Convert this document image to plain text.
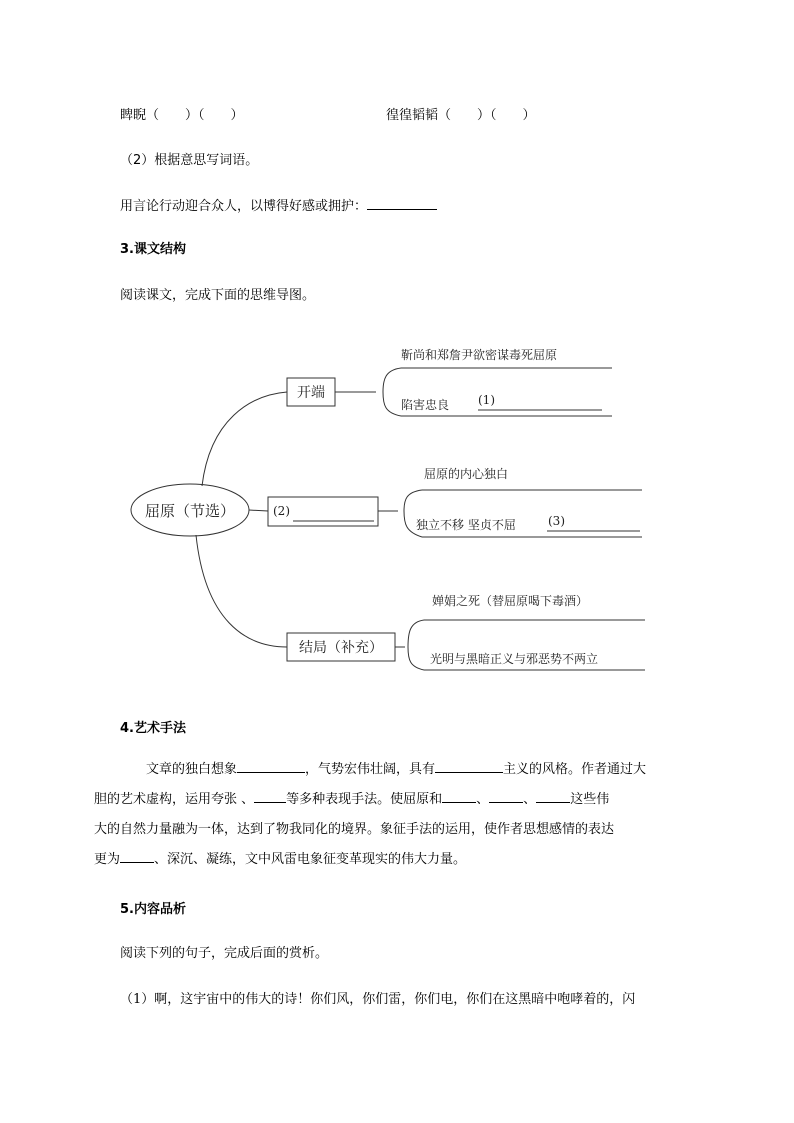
睥睨（　　）（　　）	徨徨韬韬（　　）（　　）
（2）根据意思写词语。
用言论行动迎合众人，以博得好感或拥护：
3.课文结构
阅读课文，完成下面的思维导图。
屈原（节选）
开端
结局（补充）
靳尚和郑詹尹欲密谋毒死屈原
陷害忠良 (1)
(2)
屈原的内心独白
独立不移 坚贞不屈	(3)
婵娟之死（替屈原喝下毒酒）
光明与黑暗正义与邪恶势不两立
4.艺术手法
文章的独白想象	，气势宏伟壮阔，具有	主义的风格。作者通过大
胆的艺术虚构，运用夸张 、 等多种表现手法。使屈原和	、	、	这些伟
大的自然力量融为一体，达到了物我同化的境界。象征手法的运用，使作者思想感情的表达
更为	、深沉、凝练，文中风雷电象征变革现实的伟大力量。
5.内容品析
阅读下列的句子，完成后面的赏析。
（1）啊，这宇宙中的伟大的诗！你们风，你们雷，你们电，你们在这黑暗中咆哮着的，闪
